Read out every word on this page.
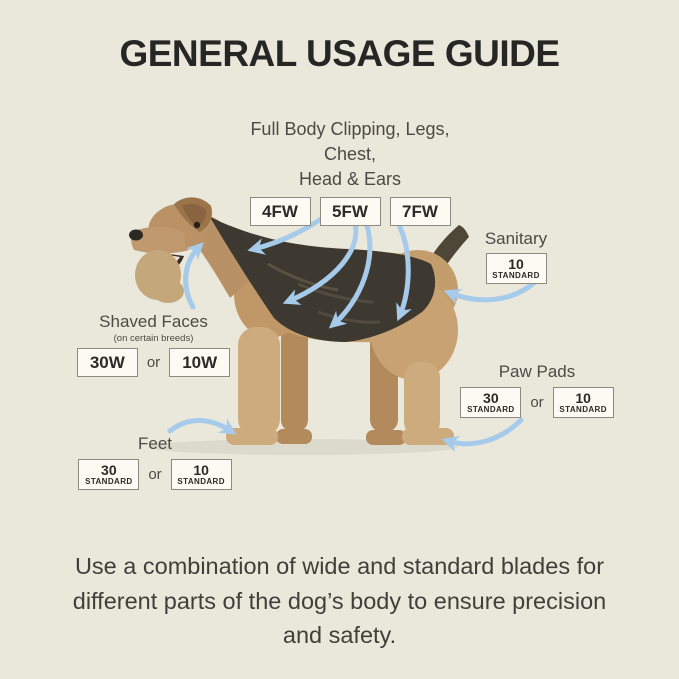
GENERAL USAGE GUIDE
Full Body Clipping, Legs, Chest,
Head & Ears
4FW	5FW	7FW
Sanitary
10
STANDARD
Shaved Faces
(on certain breeds)
30W	or	10W	Paw Pads
30
STANDARD or 10
STANDARD
Feet
30
STANDARD or 10
STANDARD
Use a combination of wide and standard blades for
different parts of the dog’s body to ensure precision
and safety.
